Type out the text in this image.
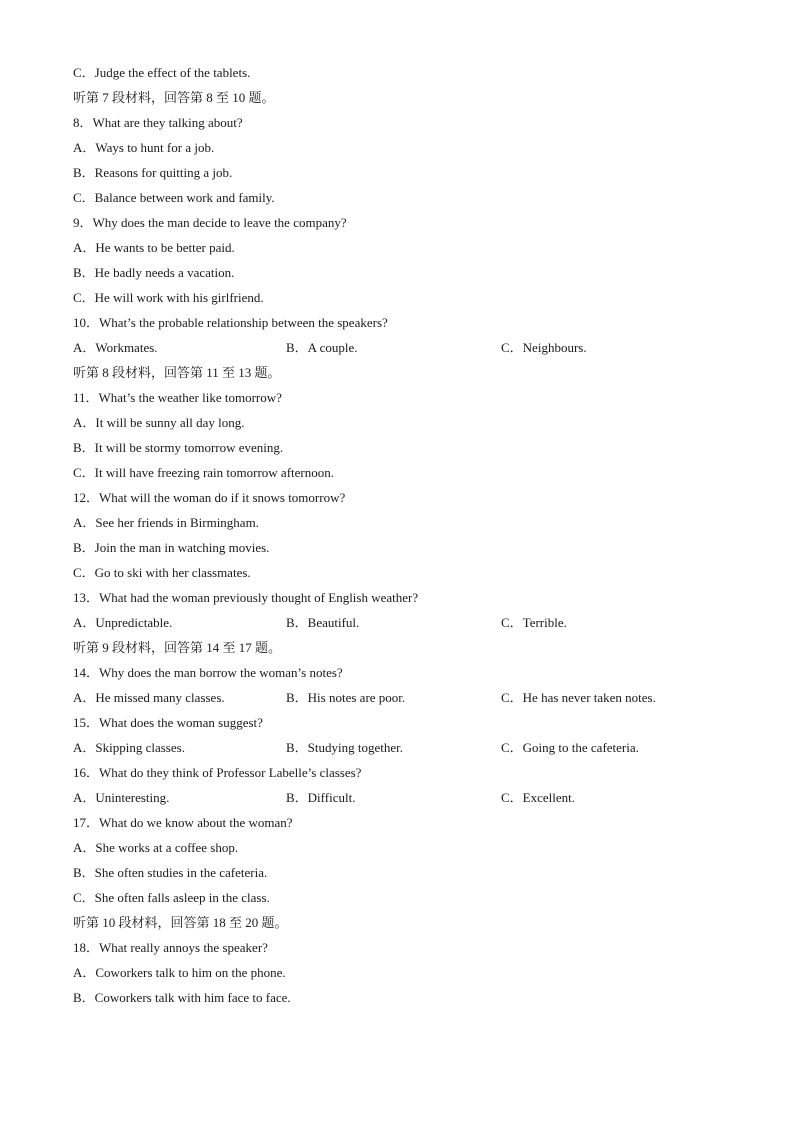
C．Judge the effect of the tablets.
听第 7 段材料，回答第 8 至 10 题。
8．What are they talking about?
A．Ways to hunt for a job.
B．Reasons for quitting a job.
C．Balance between work and family.
9．Why does the man decide to leave the company?
A．He wants to be better paid.
B．He badly needs a vacation.
C．He will work with his girlfriend.
10．What’s the probable relationship between the speakers?
A．Workmates.	B．A couple.	C．Neighbours.
听第 8 段材料，回答第 11 至 13 题。
11．What’s the weather like tomorrow?
A．It will be sunny all day long.
B．It will be stormy tomorrow evening.
C．It will have freezing rain tomorrow afternoon.
12．What will the woman do if it snows tomorrow?
A．See her friends in Birmingham.
B．Join the man in watching movies.
C．Go to ski with her classmates.
13．What had the woman previously thought of English weather?
A．Unpredictable.	B．Beautiful.	C．Terrible.
听第 9 段材料，回答第 14 至 17 题。
14．Why does the man borrow the woman’s notes?
A．He missed many classes.	B．His notes are poor.	C．He has never taken notes.
15．What does the woman suggest?
A．Skipping classes.	B．Studying together.	C．Going to the cafeteria.
16．What do they think of Professor Labelle’s classes?
A．Uninteresting.	B．Difficult.	C．Excellent.
17．What do we know about the woman?
A．She works at a coffee shop.
B．She often studies in the cafeteria.
C．She often falls asleep in the class.
听第 10 段材料，回答第 18 至 20 题。
18．What really annoys the speaker?
A．Coworkers talk to him on the phone.
B．Coworkers talk with him face to face.
